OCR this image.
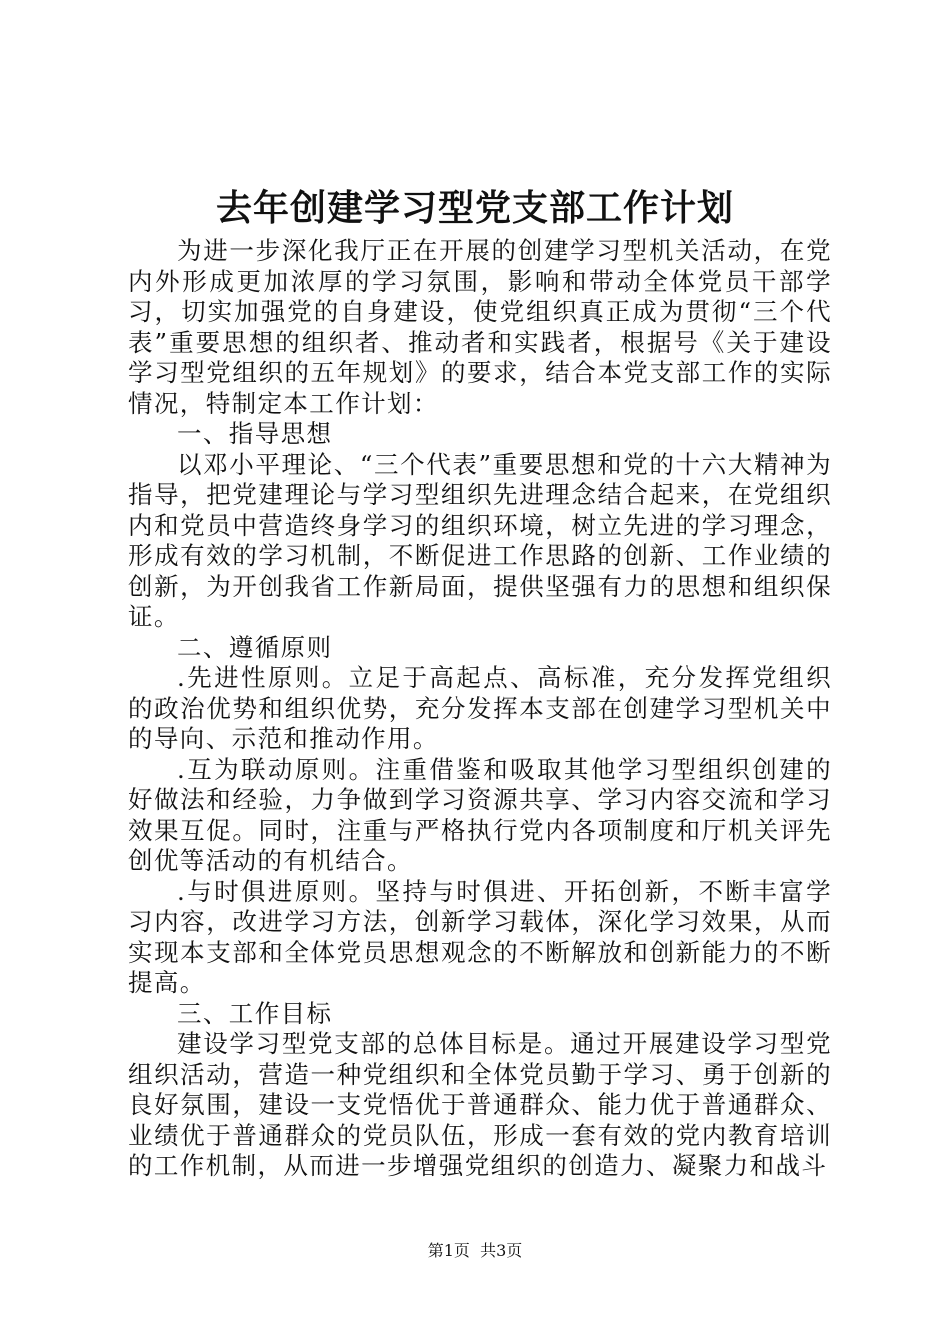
去年创建学习型党支部工作计划

为进一步深化我厅正在开展的创建学习型机关活动，在党内外形成更加浓厚的学习氛围，影响和带动全体党员干部学习，切实加强党的自身建设，使党组织真正成为贯彻“三个代表”重要思想的组织者、推动者和实践者，根据号《关于建设学习型党组织的五年规划》的要求，结合本党支部工作的实际情况，特制定本工作计划：

一、指导思想

以邓小平理论、“三个代表”重要思想和党的十六大精神为指导，把党建理论与学习型组织先进理念结合起来，在党组织内和党员中营造终身学习的组织环境，树立先进的学习理念，形成有效的学习机制，不断促进工作思路的创新、工作业绩的创新，为开创我省工作新局面，提供坚强有力的思想和组织保证。

二、遵循原则

.先进性原则。立足于高起点、高标准，充分发挥党组织的政治优势和组织优势，充分发挥本支部在创建学习型机关中的导向、示范和推动作用。

.互为联动原则。注重借鉴和吸取其他学习型组织创建的好做法和经验，力争做到学习资源共享、学习内容交流和学习效果互促。同时，注重与严格执行党内各项制度和厅机关评先创优等活动的有机结合。

.与时俱进原则。坚持与时俱进、开拓创新，不断丰富学习内容，改进学习方法，创新学习载体，深化学习效果，从而实现本支部和全体党员思想观念的不断解放和创新能力的不断提高。

三、工作目标

建设学习型党支部的总体目标是。通过开展建设学习型党组织活动，营造一种党组织和全体党员勤于学习、勇于创新的良好氛围，建设一支党悟优于普通群众、能力优于普通群众、业绩优于普通群众的党员队伍，形成一套有效的党内教育培训的工作机制，从而进一步增强党组织的创造力、凝聚力和战斗

第1页  共3页
